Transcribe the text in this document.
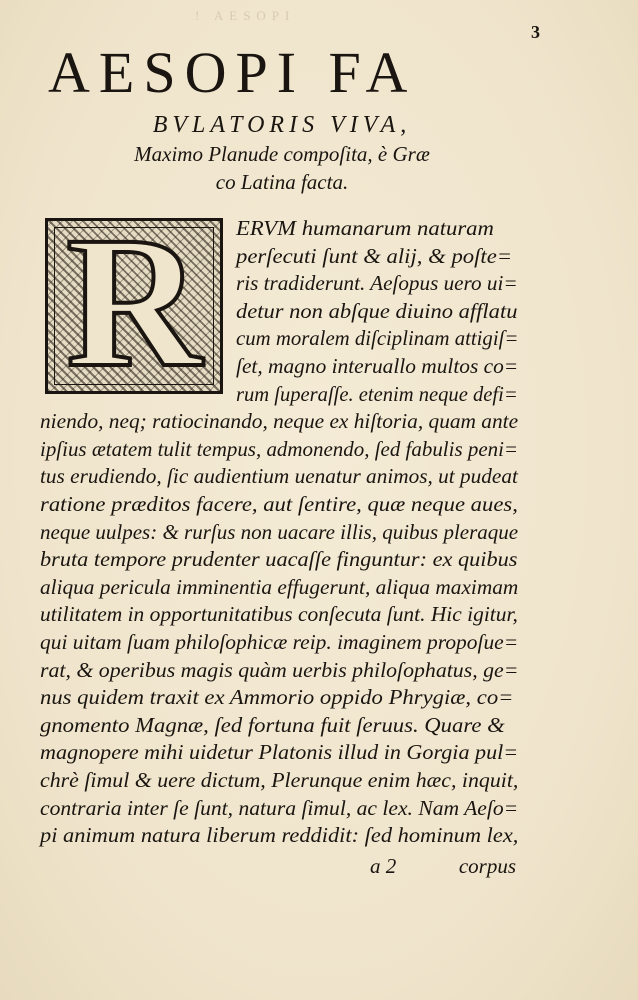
! AESOPI
3
AESOPI FA
BVLATORIS VIVA,
Maximo Planude compoſita, è Græ
co Latina facta.
R	ERVM humanarum naturam
perſecuti ſunt & alij, & poſte=
ris tradiderunt. Aeſopus uero ui=
detur non abſque diuino afflatu
cum moralem diſciplinam attigiſ=
ſet, magno interuallo multos co=
rum ſuperaſſe. etenim neque defi=
niendo, neq; ratiocinando, neque ex hiſtoria, quam ante
ipſius ætatem tulit tempus, admonendo, ſed fabulis peni=
tus erudiendo, ſic audientium uenatur animos, ut pudeat
ratione præditos facere, aut ſentire, quæ neque aues,
neque uulpes: & rurſus non uacare illis, quibus pleraque
bruta tempore prudenter uacaſſe finguntur: ex quibus
aliqua pericula imminentia effugerunt, aliqua maximam
utilitatem in opportunitatibus conſecuta ſunt. Hic igitur,
qui uitam ſuam philoſophicæ reip. imaginem propoſue=
rat, & operibus magis quàm uerbis philoſophatus, ge=
nus quidem traxit ex Ammorio oppido Phrygiæ, co=
gnomento Magnæ, ſed fortuna fuit ſeruus. Quare &
magnopere mihi uidetur Platonis illud in Gorgia pul=
chrè ſimul & uere dictum, Plerunque enim hæc, inquit,
contraria inter ſe ſunt, natura ſimul, ac lex. Nam Aeſo=
pi animum natura liberum reddidit: ſed hominum lex,
a 2	corpus
